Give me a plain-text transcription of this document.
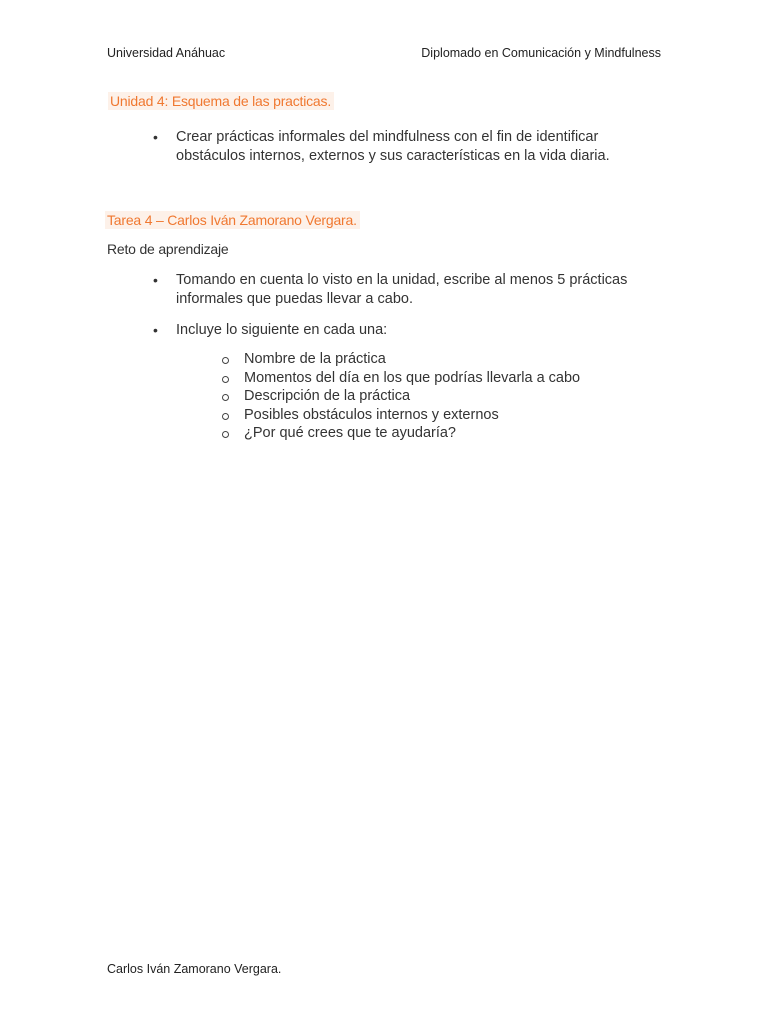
Universidad Anáhuac	Diplomado en Comunicación y Mindfulness
Unidad 4: Esquema de las practicas.
• Crear prácticas informales del mindfulness con el fin de identificar obstáculos internos, externos y sus características en la vida diaria.
Tarea 4 – Carlos Iván Zamorano Vergara.
Reto de aprendizaje
• Tomando en cuenta lo visto en la unidad, escribe al menos 5 prácticas informales que puedas llevar a cabo.
• Incluye lo siguiente en cada una:
Nombre de la práctica
Momentos del día en los que podrías llevarla a cabo
Descripción de la práctica
Posibles obstáculos internos y externos
¿Por qué crees que te ayudaría?
Carlos Iván Zamorano Vergara.
